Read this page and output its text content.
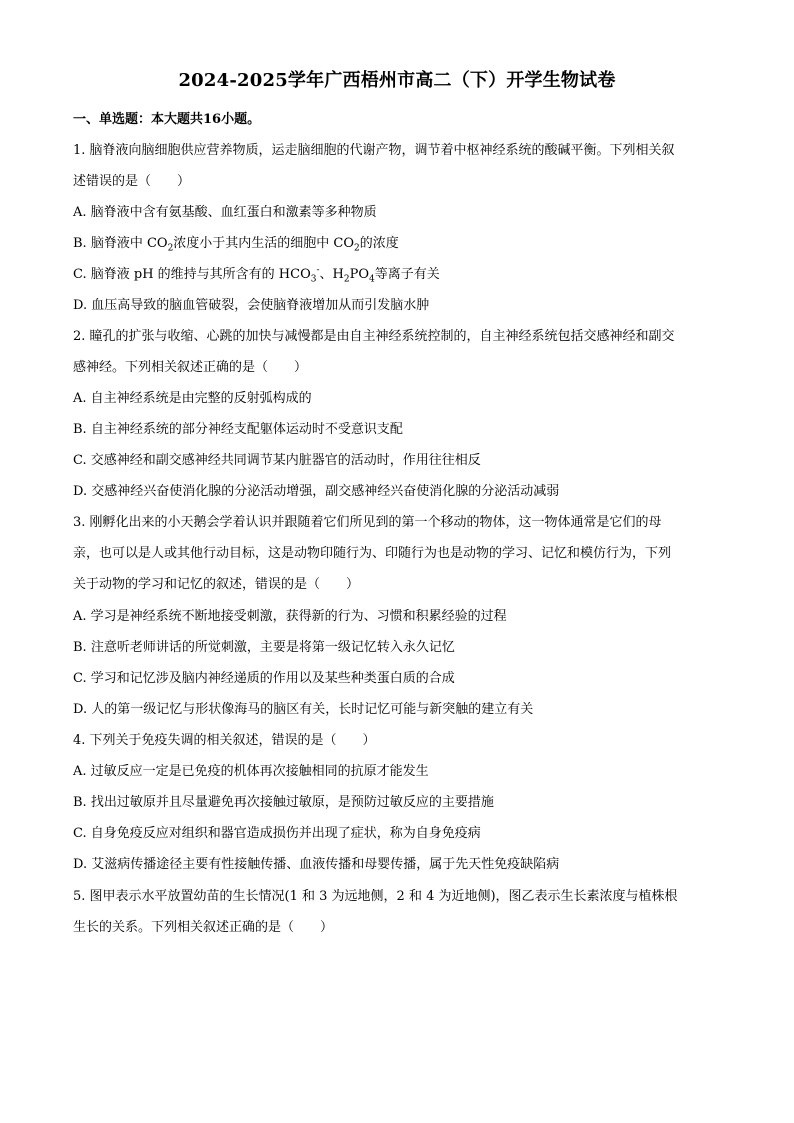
2024-2025学年广西梧州市高二（下）开学生物试卷
一、单选题：本大题共16小题。
1. 脑脊液向脑细胞供应营养物质，运走脑细胞的代谢产物，调节着中枢神经系统的酸碱平衡。下列相关叙
述错误的是（　　）
A. 脑脊液中含有氨基酸、血红蛋白和激素等多种物质
B. 脑脊液中 $CO_2$浓度小于其内生活的细胞中 $CO_2$的浓度
C. 脑脊液 pH 的维持与其所含有的 $HCO_3^-$、$H_2PO_4$等离子有关
D. 血压高导致的脑血管破裂，会使脑脊液增加从而引发脑水肿
2. 瞳孔的扩张与收缩、心跳的加快与减慢都是由自主神经系统控制的，自主神经系统包括交感神经和副交
感神经。下列相关叙述正确的是（　　）
A. 自主神经系统是由完整的反射弧构成的
B. 自主神经系统的部分神经支配躯体运动时不受意识支配
C. 交感神经和副交感神经共同调节某内脏器官的活动时，作用往往相反
D. 交感神经兴奋使消化腺的分泌活动增强，副交感神经兴奋使消化腺的分泌活动减弱
3. 刚孵化出来的小天鹅会学着认识并跟随着它们所见到的第一个移动的物体，这一物体通常是它们的母
亲，也可以是人或其他行动目标，这是动物印随行为、印随行为也是动物的学习、记忆和模仿行为，下列
关于动物的学习和记忆的叙述，错误的是（　　）
A. 学习是神经系统不断地接受刺激，获得新的行为、习惯和积累经验的过程
B. 注意听老师讲话的所觉刺激，主要是将第一级记忆转入永久记忆
C. 学习和记忆涉及脑内神经递质的作用以及某些种类蛋白质的合成
D. 人的第一级记忆与形状像海马的脑区有关，长时记忆可能与新突触的建立有关
4. 下列关于免疫失调的相关叙述，错误的是（　　）
A. 过敏反应一定是已免疫的机体再次接触相同的抗原才能发生
B. 找出过敏原并且尽量避免再次接触过敏原，是预防过敏反应的主要措施
C. 自身免疫反应对组织和器官造成损伤并出现了症状，称为自身免疫病
D. 艾滋病传播途径主要有性接触传播、血液传播和母婴传播，属于先天性免疫缺陷病
5. 图甲表示水平放置幼苗的生长情况(1 和 3 为远地侧，2 和 4 为近地侧)，图乙表示生长素浓度与植株根
生长的关系。下列相关叙述正确的是（　　）
